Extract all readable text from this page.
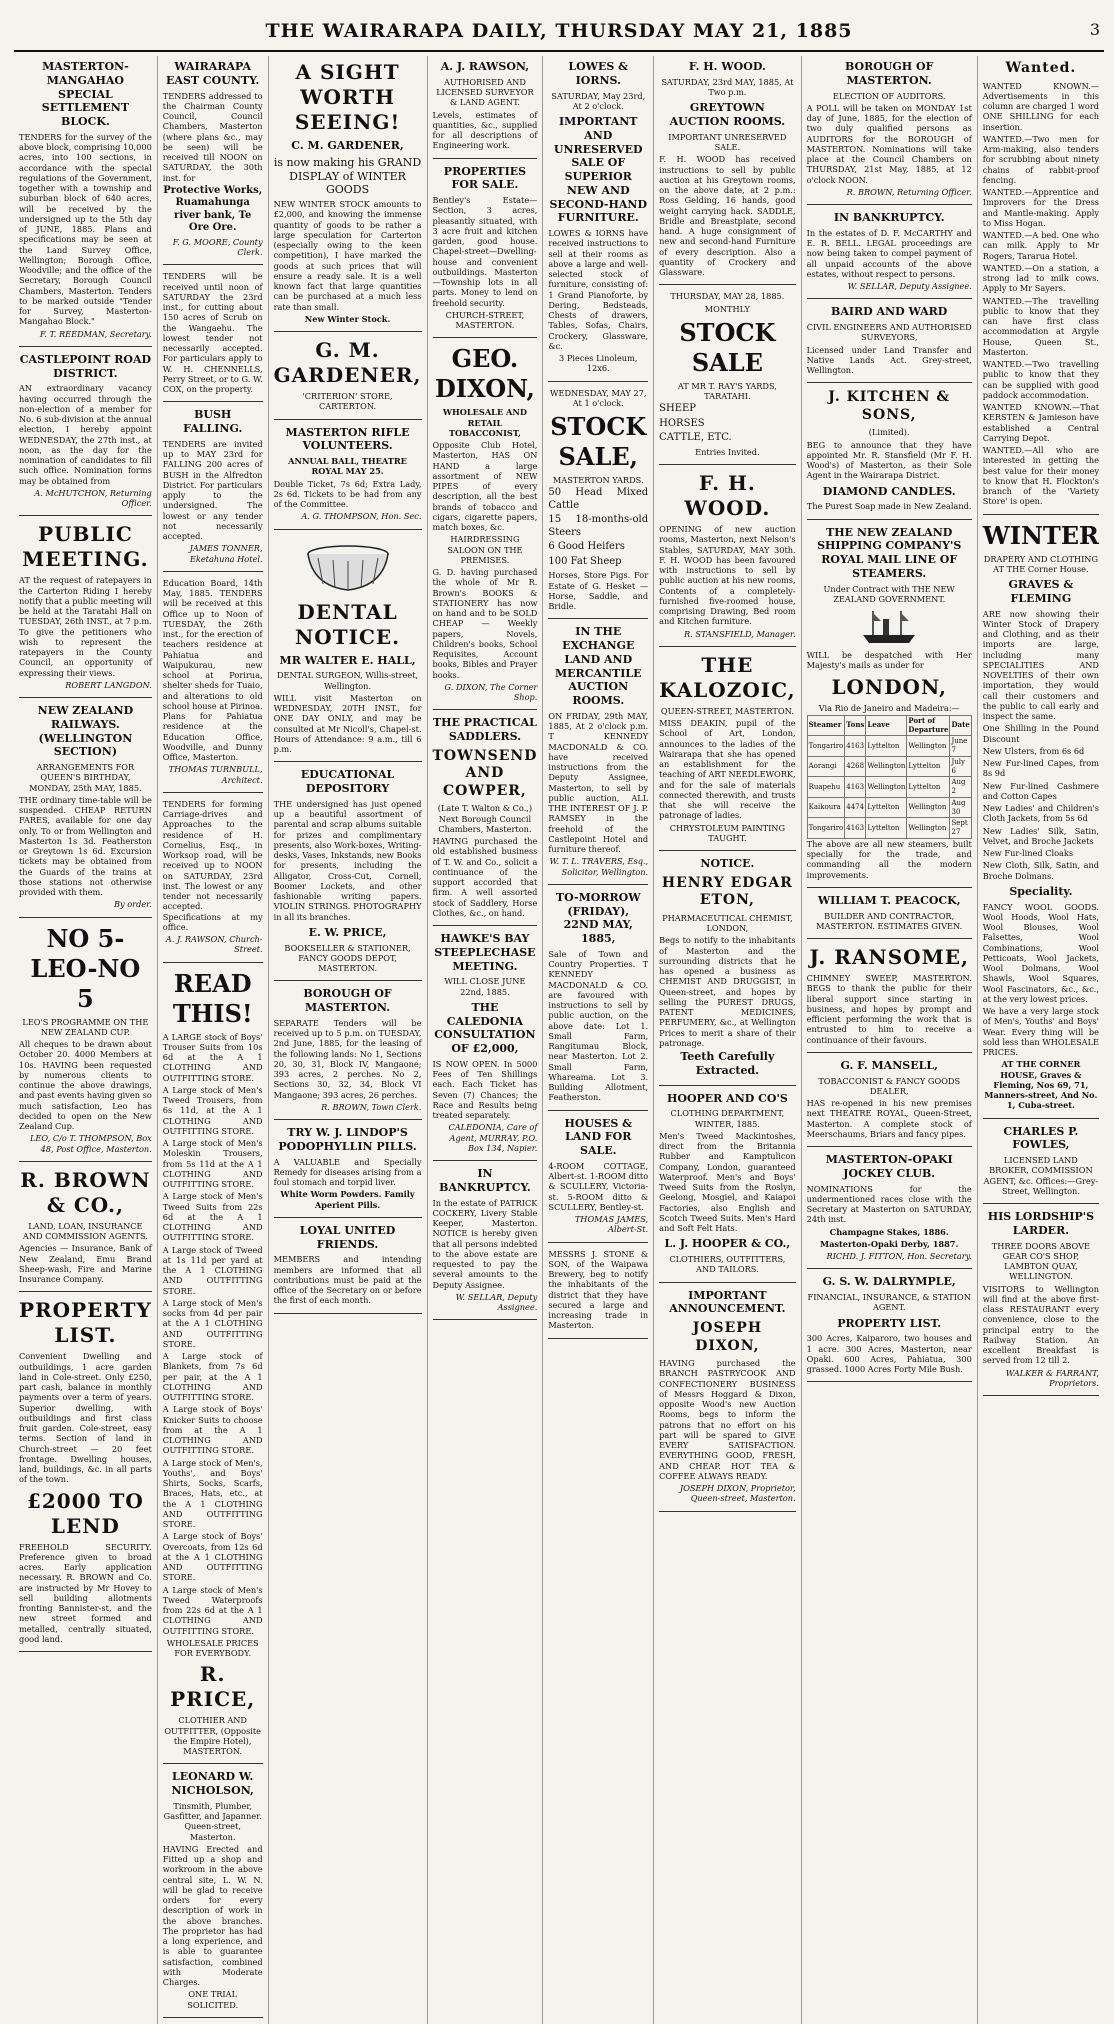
THE WAIRARAPA DAILY, THURSDAY MAY 21, 1885	3
MASTERTON-MANGAHAO SPECIAL SETTLEMENT BLOCK.

TENDERS for the survey of the above block, comprising 10,000 acres, into 100 sections, in accordance with the special regulations of the Government, together with a township and suburban block of 640 acres, will be received by the undersigned up to the 5th day of JUNE, 1885. Plans and specifications may be seen at the Land Survey Office, Wellington; Borough Office, Woodville; and the office of the Secretary, Borough Council Chambers, Masterton. Tenders to be marked outside "Tender for Survey, Masterton-Mangahao Block."

F. T. REEDMAN, Secretary.

CASTLEPOINT ROAD DISTRICT.

AN extraordinary vacancy having occurred through the non-election of a member for No. 6 sub-division at the annual election, I hereby appoint WEDNESDAY, the 27th inst., at noon, as the day for the nomination of candidates to fill such office. Nomination forms may be obtained from

A. McHUTCHON, Returning Officer.

PUBLIC MEETING.

AT the request of ratepayers in the Carterton Riding I hereby notify that a public meeting will be held at the Taratahi Hall on TUESDAY, 26th INST., at 7 p.m. To give the petitioners who wish to represent the ratepayers in the County Council, an opportunity of expressing their views.

ROBERT LANGDON.

NEW ZEALAND RAILWAYS. (WELLINGTON SECTION)

ARRANGEMENTS FOR QUEEN'S BIRTHDAY, MONDAY, 25th MAY, 1885.

THE ordinary time-table will be suspended. CHEAP RETURN FARES, available for one day only. To or from Wellington and Masterton 1s 3d. Featherston or Greytown 1s 6d. Excursion tickets may be obtained from the Guards of the trains at those stations not otherwise provided with them.

By order.

NO 5-LEO-NO 5

LEO'S PROGRAMME ON THE NEW ZEALAND CUP.

All cheques to be drawn about October 20. 4000 Members at 10s. HAVING been requested by numerous clients to continue the above drawings, and past events having given so much satisfaction, Leo has decided to open on the New Zealand Cup.

LEO, C/o T. THOMPSON, Box 48, Post Office, Masterton.

R. BROWN & CO.,

LAND, LOAN, INSURANCE AND COMMISSION AGENTS.

Agencies — Insurance, Bank of New Zealand, Emu Brand Sheep-wash, Fire and Marine Insurance Company.

PROPERTY LIST.

Convenient Dwelling and outbuildings, 1 acre garden land in Cole-street. Only £250, part cash, balance in monthly payments over a term of years. Superior dwelling, with outbuildings and first class fruit garden. Cole-street, easy terms. Section of land in Church-street — 20 feet frontage. Dwelling houses, land, buildings, &c. in all parts of the town.

£2000 TO LEND

FREEHOLD SECURITY. Preference given to broad acres. Early application necessary. R. BROWN and Co. are instructed by Mr Hovey to sell building allotments fronting Bannister-st, and the new street formed and metalled, centrally situated, good land.

WAIRARAPA EAST COUNTY.

TENDERS addressed to the Chairman County Council, Council Chambers, Masterton (where plans &c., may be seen) will be received till NOON on SATURDAY, the 30th inst. for

Protective Works, Ruamahunga river bank, Te Ore Ore.

F. G. MOORE, County Clerk.

TENDERS will be received until noon of SATURDAY the 23rd inst., for cutting about 150 acres of Scrub on the Wangaehu. The lowest tender not necessarily accepted. For particulars apply to W. H. CHENNELLS, Perry Street, or to G. W. COX, on the property.

BUSH FALLING.

TENDERS are invited up to MAY 23rd for FALLING 200 acres of BUSH in the Alfredton District. For particulars apply to the undersigned. The lowest or any tender not necessarily accepted.

JAMES TONNER, Eketahuna Hotel.

Education Board, 14th May, 1885. TENDERS will be received at this Office up to Noon of TUESDAY, the 26th inst., for the erection of teachers residence at Pahiatua and Waipukurau, new school at Porirua, shelter sheds for Tuaio, and alterations to old school house at Pirinoa. Plans for Pahiatua residence at the Education Office, Woodville, and Dunny Office, Masterton.

THOMAS TURNBULL, Architect.

TENDERS for forming Carriage-drives and Approaches to the residence of H. Cornelius, Esq., in Worksop road, will be received up to NOON on SATURDAY, 23rd inst. The lowest or any tender not necessarily accepted. Specifications at my office.

A. J. RAWSON, Church-Street.

READ THIS!

A LARGE stock of Boys' Trouser Suits from 10s 6d at the A 1 CLOTHING AND OUTFITTING STORE.

A Large stock of Men's Tweed Trousers, from 6s 11d, at the A 1 CLOTHING AND OUTFITTING STORE.

A Large stock of Men's Moleskin Trousers, from 5s 11d at the A 1 CLOTHING AND OUTFITTING STORE.

A Large stock of Men's Tweed Suits from 22s 6d at the A 1 CLOTHING AND OUTFITTING STORE.

A Large stock of Tweed at 1s 11d per yard at the A 1 CLOTHING AND OUTFITTING STORE.

A Large stock of Men's socks from 4d per pair at the A 1 CLOTHING AND OUTFITTING STORE.

A Large stock of Blankets, from 7s 6d per pair, at the A 1 CLOTHING AND OUTFITTING STORE.

A Large stock of Boys' Knicker Suits to choose from at the A 1 CLOTHING AND OUTFITTING STORE.

A Large stock of Men's, Youths', and Boys' Shirts, Socks, Scarfs, Braces, Hats, etc., at the A 1 CLOTHING AND OUTFITTING STORE.

A Large stock of Boys' Overcoats, from 12s 6d at the A 1 CLOTHING AND OUTFITTING STORE.

A Large stock of Men's Tweed Waterproofs from 22s 6d at the A 1 CLOTHING AND OUTFITTING STORE.

WHOLESALE PRICES FOR EVERYBODY.

R. PRICE,

CLOTHIER AND OUTFITTER, (Opposite the Empire Hotel), MASTERTON.

LEONARD W. NICHOLSON,

Tinsmith, Plumber, Gasfitter, and Japanner. Queen-street, Masterton.

HAVING Erected and Fitted up a shop and workroom in the above central site, L. W. N. will be glad to receive orders for every description of work in the above branches. The proprietor has had a long experience, and is able to guarantee satisfaction, combined with Moderate Charges.

ONE TRIAL SOLICITED.

A SIGHT WORTH SEEING!
C. M. GARDENER,

is now making his GRAND DISPLAY of WINTER GOODS

NEW WINTER STOCK amounts to £2,000, and knowing the immense quantity of goods to be rather a large speculation for Carterton (especially owing to the keen competition), I have marked the goods at such prices that will ensure a ready sale. It is a well known fact that large quantities can be purchased at a much less rate than small.

New Winter Stock.

G. M. GARDENER,

'CRITERION' STORE, CARTERTON.

MASTERTON RIFLE VOLUNTEERS.

ANNUAL BALL, THEATRE ROYAL MAY 25.

Double Ticket, 7s 6d; Extra Lady, 2s 6d. Tickets to be had from any of the Committee.

A. G. THOMPSON, Hon. Sec.

DENTAL NOTICE.
MR WALTER E. HALL,

DENTAL SURGEON, Willis-street, Wellington.

WILL visit Masterton on WEDNESDAY, 20TH INST., for ONE DAY ONLY, and may be consulted at Mr Nicoll's, Chapel-st. Hours of Attendance: 9 a.m., till 6 p.m.

EDUCATIONAL DEPOSITORY

THE undersigned has just opened up a beautiful assortment of parental and scrap albums suitable for prizes and complimentary presents, also Work-boxes, Writing-desks, Vases, Inkstands, new Books for presents, including the Alligator, Cross-Cut, Cornell, Boomer Lockets, and other fashionable writing papers. VIOLIN STRINGS. PHOTOGRAPHY in all its branches.

E. W. PRICE,

BOOKSELLER & STATIONER, FANCY GOODS DEPOT, MASTERTON.

BOROUGH OF MASTERTON.

SEPARATE Tenders will be received up to 5 p.m. on TUESDAY, 2nd June, 1885, for the leasing of the following lands: No 1, Sections 20, 30, 31, Block IV, Mangaone; 393 acres, 2 perches. No 2, Sections 30, 32, 34, Block VI Mangaone; 393 acres, 26 perches.

R. BROWN, Town Clerk.

TRY W. J. LINDOP'S PODOPHYLLIN PILLS.

A VALUABLE and Specially Remedy for diseases arising from a foul stomach and torpid liver.

White Worm Powders. Family Aperient Pills.

LOYAL UNITED FRIENDS.

MEMBERS and intending members are informed that all contributions must be paid at the office of the Secretary on or before the first of each month.

A. J. RAWSON,

AUTHORISED AND LICENSED SURVEYOR & LAND AGENT.

Levels, estimates of quantities, &c., supplied for all descriptions of Engineering work.

PROPERTIES FOR SALE.

Bentley's Estate—Section, 3 acres, pleasantly situated, with 3 acre fruit and kitchen garden, good house. Chapel-street—Dwelling-house and convenient outbuildings. Masterton—Township lots in all parts. Money to lend on freehold security.

CHURCH-STREET, MASTERTON.

GEO. DIXON,

WHOLESALE AND RETAIL TOBACCONIST,

Opposite Club Hotel, Masterton, HAS ON HAND a large assortment of NEW PIPES of every description, all the best brands of tobacco and cigars, cigarette papers, match boxes, &c.

HAIRDRESSING SALOON ON THE PREMISES.

G. D. having purchased the whole of Mr R. Brown's BOOKS & STATIONERY has now on hand and to be SOLD CHEAP — Weekly papers, Novels, Children's books, School Requisites, Account books, Bibles and Prayer books.

G. DIXON, The Corner Shop.

THE PRACTICAL SADDLERS.
TOWNSEND AND COWPER,

(Late T. Walton & Co.,) Next Borough Council Chambers, Masterton.

HAVING purchased the old established business of T. W. and Co., solicit a continuance of the support accorded that firm. A well assorted stock of Saddlery, Horse Clothes, &c., on hand.

HAWKE'S BAY STEEPLECHASE MEETING.

WILL CLOSE JUNE 22nd, 1885.

THE CALEDONIA CONSULTATION OF £2,000,

IS NOW OPEN. In 5000 Fees of Ten Shillings each. Each Ticket has Seven (7) Chances; the Race and Results being treated separately.

CALEDONIA, Care of Agent, MURRAY, P.O. Box 134, Napier.

IN BANKRUPTCY.

In the estate of PATRICK COCKERY, Livery Stable Keeper, Masterton. NOTICE is hereby given that all persons indebted to the above estate are requested to pay the several amounts to the Deputy Assignee.

W. SELLAR, Deputy Assignee.

LOWES & IORNS.

SATURDAY, May 23rd, At 2 o'clock.

IMPORTANT AND UNRESERVED SALE OF SUPERIOR NEW AND SECOND-HAND FURNITURE.

LOWES & IORNS have received instructions to sell at their rooms as above a large and well-selected stock of furniture, consisting of: 1 Grand Pianoforte, by Dering, Bedsteads, Chests of drawers, Tables, Sofas, Chairs, Crockery, Glassware, &c.

3 Pieces Linoleum, 12x6.

WEDNESDAY, MAY 27, At 1 o'clock.

STOCK SALE,

MASTERTON YARDS.

50 Head Mixed Cattle

15 18-months-old Steers

6 Good Heifers

100 Fat Sheep

Horses, Store Pigs. For Estate of G. Hesket — Horse, Saddle, and Bridle.

IN THE EXCHANGE LAND AND MERCANTILE AUCTION ROOMS.

ON FRIDAY, 29th MAY, 1885, At 2 o'clock p.m. T KENNEDY MACDONALD & CO. have received instructions from the Deputy Assignee, Masterton, to sell by public auction, ALL THE INTEREST OF J. P. RAMSEY in the freehold of the Castlepoint Hotel and furniture thereof.

W. T. L. TRAVERS, Esq., Solicitor, Wellington.

TO-MORROW (FRIDAY), 22ND MAY, 1885,

Sale of Town and Country Properties. T KENNEDY MACDONALD & CO. are favoured with instructions to sell by public auction, on the above date: Lot 1. Small Farm, Rangitumau Block, near Masterton. Lot 2. Small Farm, Whareama. Lot 3. Building Allotment, Featherston.

HOUSES & LAND FOR SALE.

4-ROOM COTTAGE, Albert-st. 1-ROOM ditto & SCULLERY, Victoria-st. 5-ROOM ditto & SCULLERY, Bentley-st.

THOMAS JAMES, Albert-St.

MESSRS J. STONE & SON, of the Waipawa Brewery, beg to notify the inhabitants of the district that they have secured a large and increasing trade in Masterton.

F. H. WOOD.

SATURDAY, 23rd MAY, 1885, At Two p.m.

GREYTOWN AUCTION ROOMS.

IMPORTANT UNRESERVED SALE.

F. H. WOOD has received instructions to sell by public auction at his Greytown rooms, on the above date, at 2 p.m.: Ross Gelding, 16 hands, good weight carrying hack. SADDLE, Bridle and Breastplate, second hand. A huge consignment of new and second-hand Furniture of every description. Also a quantity of Crockery and Glassware.

THURSDAY, MAY 28, 1885.

MONTHLY

STOCK SALE

AT MR T. RAY'S YARDS, TARATAHI.

SHEEP

HORSES

CATTLE, ETC.

Entries Invited.

F. H. WOOD.

OPENING of new auction rooms, Masterton, next Nelson's Stables, SATURDAY, MAY 30th. F. H. WOOD has been favoured with instructions to sell by public auction at his new rooms, Contents of a completely-furnished five-roomed house, comprising Drawing, Bed room and Kitchen furniture.

R. STANSFIELD, Manager.

THE KALOZOIC,

QUEEN-STREET, MASTERTON.

MISS DEAKIN, pupil of the School of Art, London, announces to the ladies of the Wairarapa that she has opened an establishment for the teaching of ART NEEDLEWORK, and for the sale of materials connected therewith, and trusts that she will receive the patronage of ladies.

CHRYSTOLEUM PAINTING TAUGHT.

NOTICE.
HENRY EDGAR ETON,

PHARMACEUTICAL CHEMIST, LONDON,

Begs to notify to the inhabitants of Masterton and the surrounding districts that he has opened a business as CHEMIST AND DRUGGIST, in Queen-street, and hopes by selling the PUREST DRUGS, PATENT MEDICINES, PERFUMERY, &c., at Wellington Prices to merit a share of their patronage.

Teeth Carefully Extracted.

HOOPER AND CO'S

CLOTHING DEPARTMENT, WINTER, 1885.

Men's Tweed Mackintoshes, direct from the Britannia Rubber and Kamptulicon Company, London, guaranteed Waterproof. Men's and Boys' Tweed Suits from the Roslyn, Geelong, Mosgiel, and Kaiapoi Factories, also English and Scotch Tweed Suits. Men's Hard and Soft Felt Hats.

L. J. HOOPER & CO.,

CLOTHIERS, OUTFITTERS, AND TAILORS.

IMPORTANT ANNOUNCEMENT.
JOSEPH DIXON,

HAVING purchased the BRANCH PASTRYCOOK AND CONFECTIONERY BUSINESS of Messrs Hoggard & Dixon, opposite Wood's new Auction Rooms, begs to inform the patrons that no effort on his part will be spared to GIVE EVERY SATISFACTION. EVERYTHING GOOD, FRESH, AND CHEAP. HOT TEA & COFFEE ALWAYS READY.

JOSEPH DIXON, Proprietor, Queen-street, Masterton.

BOROUGH OF MASTERTON.

ELECTION OF AUDITORS.

A POLL will be taken on MONDAY 1st day of June, 1885, for the election of two duly qualified persons as AUDITORS for the BOROUGH of MASTERTON. Nominations will take place at the Council Chambers on THURSDAY, 21st May, 1885, at 12 o'clock NOON.

R. BROWN, Returning Officer.

IN BANKRUPTCY.

In the estates of D. F. McCARTHY and E. R. BELL. LEGAL proceedings are now being taken to compel payment of all unpaid accounts of the above estates, without respect to persons.

W. SELLAR, Deputy Assignee.

BAIRD AND WARD

CIVIL ENGINEERS AND AUTHORISED SURVEYORS,

Licensed under Land Transfer and Native Lands Act. Grey-street, Wellington.

J. KITCHEN & SONS,

(Limited).

BEG to announce that they have appointed Mr. R. Stansfield (Mr F. H. Wood's) of Masterton, as their Sole Agent in the Wairarapa District.

DIAMOND CANDLES.

The Purest Soap made in New Zealand.

THE NEW ZEALAND SHIPPING COMPANY'S ROYAL MAIL LINE OF STEAMERS.

Under Contract with THE NEW ZEALAND GOVERNMENT.

WILL be despatched with Her Majesty's mails as under for

LONDON,

Via Rio de Janeiro and Madeira:—

Steamer	Tons	Leave	Port of Departure	Date
Tongariro	4163	Lyttelton	Wellington	June 7
Aorangi	4268	Wellington	Lyttelton	July 6
Ruapehu	4163	Wellington	Lyttelton	Aug 2
Kaikoura	4474	Lyttelton	Wellington	Aug 30
Tongariro	4163	Lyttelton	Wellington	Sept 27

The above are all new steamers, built specially for the trade, and commanding all the modern improvements.

WILLIAM T. PEACOCK,

BUILDER AND CONTRACTOR, MASTERTON. ESTIMATES GIVEN.

J. RANSOME,

CHIMNEY SWEEP, MASTERTON. BEGS to thank the public for their liberal support since starting in business, and hopes by prompt and efficient performing the work that is entrusted to him to receive a continuance of their favours.

G. F. MANSELL,

TOBACCONIST & FANCY GOODS DEALER,

HAS re-opened in his new premises next THEATRE ROYAL, Queen-Street, Masterton. A complete stock of Meerschaums, Briars and fancy pipes.

MASTERTON-OPAKI JOCKEY CLUB.

NOMINATIONS for the undermentioned races close with the Secretary at Masterton on SATURDAY, 24th inst.

Champagne Stakes, 1886.

Masterton-Opaki Derby, 1887.

RICHD. J. FITTON, Hon. Secretary.

G. S. W. DALRYMPLE,

FINANCIAL, INSURANCE, & STATION AGENT.

PROPERTY LIST.

300 Acres, Kaiparoro, two houses and 1 acre. 300 Acres, Masterton, near Opaki. 600 Acres, Pahiatua, 300 grassed. 1000 Acres Forty Mile Bush.

Wanted.

WANTED KNOWN.—Advertisements in this column are charged 1 word ONE SHILLING for each insertion.

WANTED.—Two men for Arm-making, also tenders for scrubbing about ninety chains of rabbit-proof fencing.

WANTED.—Apprentice and Improvers for the Dress and Mantle-making. Apply to Miss Hogan.

WANTED.—A bed. One who can milk. Apply to Mr Rogers, Tararua Hotel.

WANTED.—On a station, a strong lad to milk cows. Apply to Mr Sayers.

WANTED.—The travelling public to know that they can have first class accommodation at Argyle House, Queen St., Masterton.

WANTED.—Two travelling public to know that they can be supplied with good paddock accommodation.

WANTED KNOWN.—That KERSTEN & Jamieson have established a Central Carrying Depot.

WANTED.—All who are interested in getting the best value for their money to know that H. Flockton's branch of the 'Variety Store' is open.

WINTER

DRAPERY AND CLOTHING AT THE Corner House.

GRAVES & FLEMING

ARE now showing their Winter Stock of Drapery and Clothing, and as their imports are large, including many SPECIALITIES AND NOVELTIES of their own importation, they would call their customers and the public to call early and inspect the same.

One Shilling in the Pound Discount

New Ulsters, from 6s 6d

New Fur-lined Capes, from 8s 9d

New Fur-lined Cashmere and Cotton Capes

New Ladies' and Children's Cloth Jackets, from 5s 6d

New Ladies' Silk, Satin, Velvet, and Broche Jackets

New Fur-lined Cloaks

New Cloth, Silk, Satin, and Broche Dolmans.

Speciality.

FANCY WOOL GOODS. Wool Hoods, Wool Hats, Wool Blouses, Wool Falsettes, Wool Combinations, Wool Petticoats, Wool Jackets, Wool Dolmans, Wool Shawls, Wool Squares, Wool Fascinators, &c., &c., at the very lowest prices.

We have a very large stock of Men's, Youths' and Boys' Wear. Every thing will be sold less than WHOLESALE PRICES.

AT THE CORNER HOUSE, Graves & Fleming, Nos 69, 71, Manners-street, And No. 1, Cuba-street.

CHARLES P. FOWLES,

LICENSED LAND BROKER, COMMISSION AGENT, &c. Offices:—Grey-Street, Wellington.

HIS LORDSHIP'S LARDER.

THREE DOORS ABOVE GEAR CO'S SHOP, LAMBTON QUAY, WELLINGTON.

VISITORS to Wellington will find at the above first-class RESTAURANT every convenience, close to the principal entry to the Railway Station. An excellent Breakfast is served from 12 till 2.

WALKER & FARRANT, Proprietors.
